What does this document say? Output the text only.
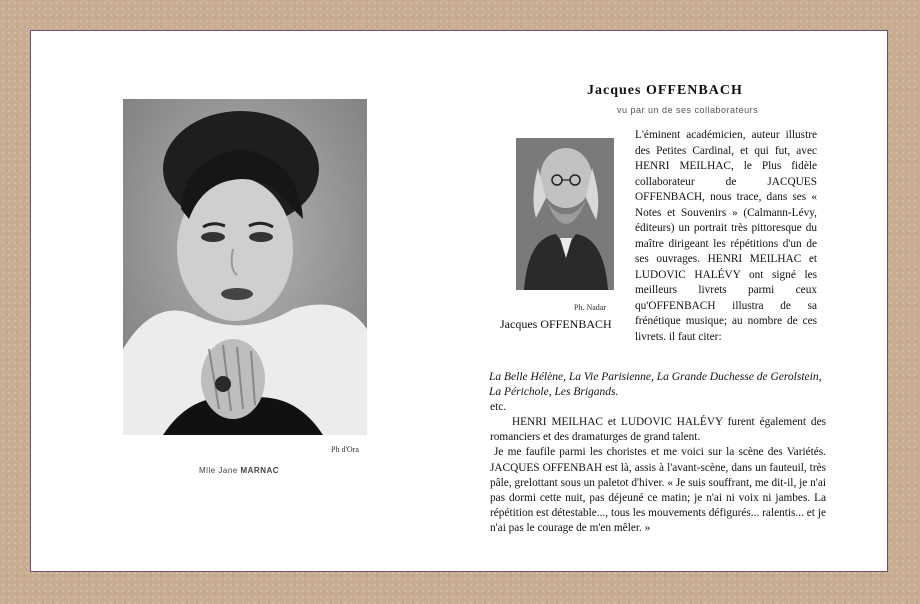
Ph d'Ora
Mlle Jane MARNAC
Jacques OFFENBACH
vu par un de ses collaborateurs
Ph. Nadar
Jacques OFFENBACH
L'éminent académicien, auteur illustre des Petites Cardinal, et qui fut, avec HENRI MEILHAC, le Plus fidèle collaborateur de JACQUES OFFENBACH, nous trace, dans ses « Notes et Souvenirs » (Calmann-Lévy, éditeurs) un portrait très pittoresque du maître dirigeant les répétitions d'un de ses ouvrages. HENRI MEILHAC et LUDOVIC HALÉVY ont signé les meilleurs livrets parmi ceux qu'OFFENBACH illustra de sa frénétique musique; au nombre de ces livrets. il faut citer:
La Belle Hélène, La Vie Parisienne, La Grande Duchesse de Gerolstein, La Périchole, Les Brigands.
etc.

HENRI MEILHAC et LUDOVIC HALÉVY furent également des romanciers et des dramaturges de grand talent.

Je me faufile parmi les choristes et me voici sur la scène des Variétés. JACQUES OFFENBAH est là, assis à l'avant-scène, dans un fauteuil, très pâle, grelottant sous un paletot d'hiver. « Je suis souffrant, me dit-il, je n'ai pas dormi cette nuit, pas déjeuné ce matin; je n'ai ni voix ni jambes. La répétition est détestable..., tous les mouvements défigurés... ralentis... et je n'ai pas le courage de m'en mêler. »
